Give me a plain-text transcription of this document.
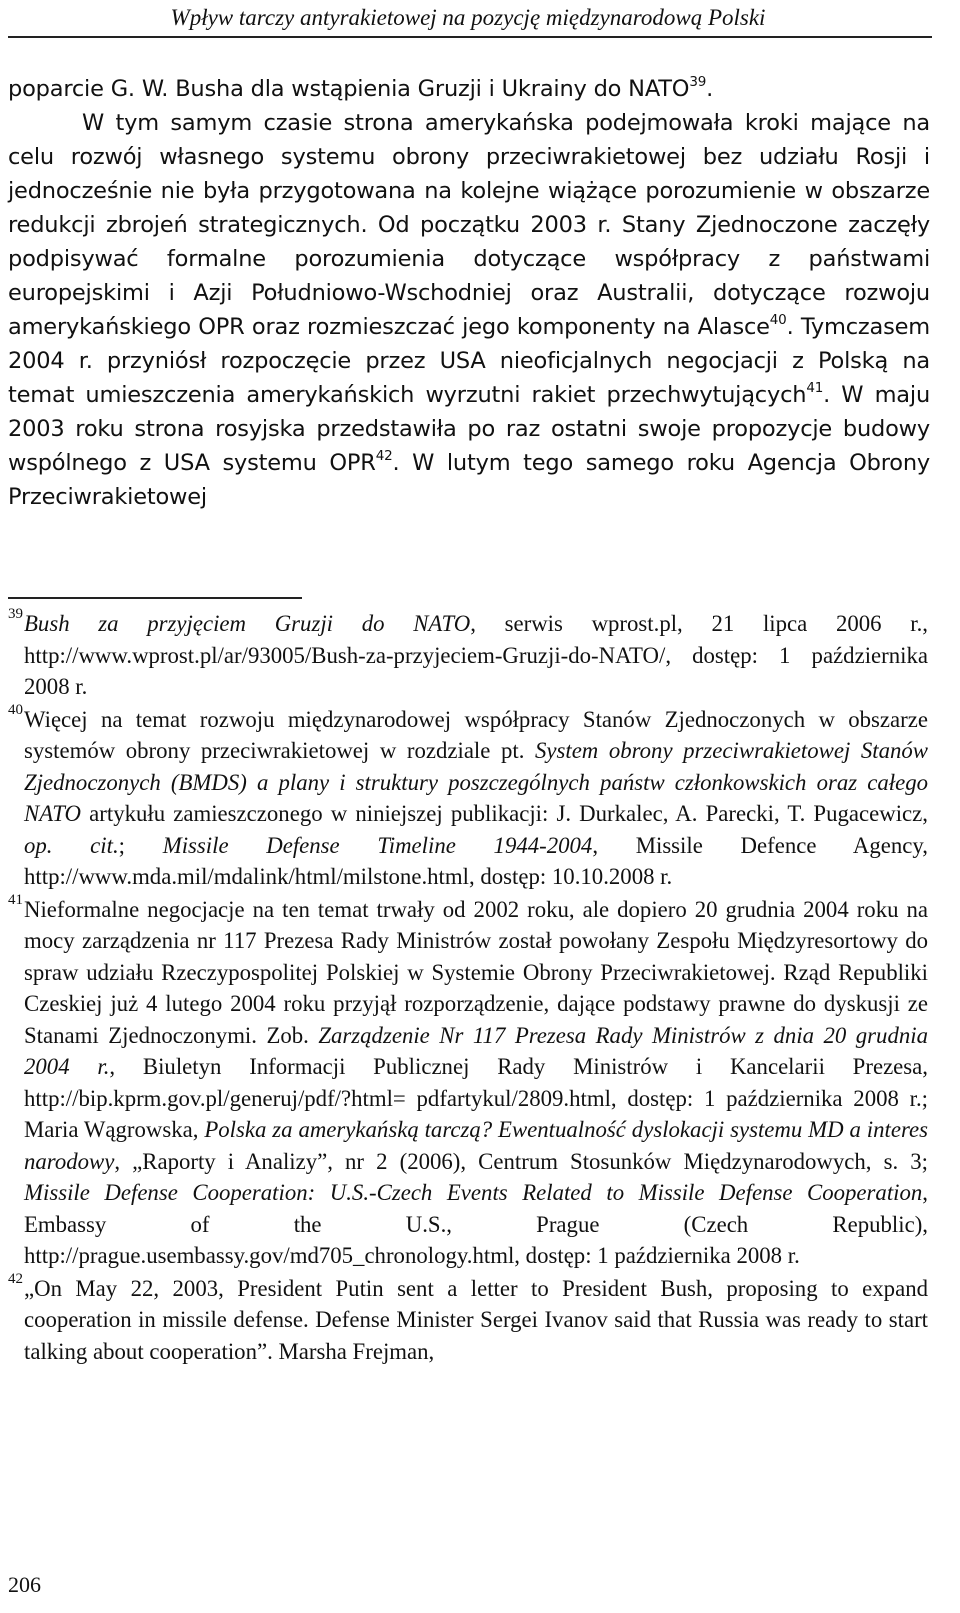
Wpływ tarczy antyrakietowej na pozycję międzynarodową Polski

poparcie G. W. Busha dla wstąpienia Gruzji i Ukrainy do NATO$^{39}$.

W tym samym czasie strona amerykańska podejmowała kroki mające na celu rozwój własnego systemu obrony przeciwrakietowej bez udziału Rosji i jednocześnie nie była przygotowana na kolejne wiążące porozumienie w obszarze redukcji zbrojeń strategicznych. Od początku 2003 r. Stany Zjednoczone zaczęły podpisywać formalne porozumienia dotyczące współpracy z państwami europejskimi i Azji Południowo-Wschodniej oraz Australii, dotyczące rozwoju amerykańskiego OPR oraz rozmieszczać jego komponenty na Alasce$^{40}$. Tymczasem 2004 r. przyniósł rozpoczęcie przez USA nieoficjalnych negocjacji z Polską na temat umieszczenia amerykańskich wyrzutni rakiet przechwytujących$^{41}$. W maju 2003 roku strona rosyjska przedstawiła po raz ostatni swoje propozycje budowy wspólnego z USA systemu OPR$^{42}$. W lutym tego samego roku Agencja Obrony Przeciwrakietowej

39 Bush za przyjęciem Gruzji do NATO, serwis wprost.pl, 21 lipca 2006 r., http://www.wprost.pl/ar/93005/Bush-za-przyjeciem-Gruzji-do-NATO/, dostęp: 1 października 2008 r.
40 Więcej na temat rozwoju międzynarodowej współpracy Stanów Zjednoczonych w obszarze systemów obrony przeciwrakietowej w rozdziale pt. System obrony przeciwrakietowej Stanów Zjednoczonych (BMDS) a plany i struktury poszczególnych państw członkowskich oraz całego NATO artykułu zamieszczonego w niniejszej publikacji: J. Durkalec, A. Parecki, T. Pugacewicz, op. cit.; Missile Defense Timeline 1944-2004, Missile Defence Agency, http://www.mda.mil/mdalink/html/milstone.html, dostęp: 10.10.2008 r.
41 Nieformalne negocjacje na ten temat trwały od 2002 roku, ale dopiero 20 grudnia 2004 roku na mocy zarządzenia nr 117 Prezesa Rady Ministrów został powołany Zespołu Międzyresortowy do spraw udziału Rzeczypospolitej Polskiej w Systemie Obrony Przeciwrakietowej. Rząd Republiki Czeskiej już 4 lutego 2004 roku przyjął rozporządzenie, dające podstawy prawne do dyskusji ze Stanami Zjednoczonymi. Zob. Zarządzenie Nr 117 Prezesa Rady Ministrów z dnia 20 grudnia 2004 r., Biuletyn Informacji Publicznej Rady Ministrów i Kancelarii Prezesa, http://bip.kprm.gov.pl/generuj/pdf/?html= pdfartykul/2809.html, dostęp: 1 października 2008 r.; Maria Wągrowska, Polska za amerykańską tarczą? Ewentualność dyslokacji systemu MD a interes narodowy, „Raporty i Analizy”, nr 2 (2006), Centrum Stosunków Międzynarodowych, s. 3; Missile Defense Cooperation: U.S.-Czech Events Related to Missile Defense Cooperation, Embassy of the U.S., Prague (Czech Republic), http://prague.usembassy.gov/md705_chronology.html, dostęp: 1 października 2008 r.
42 „On May 22, 2003, President Putin sent a letter to President Bush, proposing to expand cooperation in missile defense. Defense Minister Sergei Ivanov said that Russia was ready to start talking about cooperation”. Marsha Frejman,
206
